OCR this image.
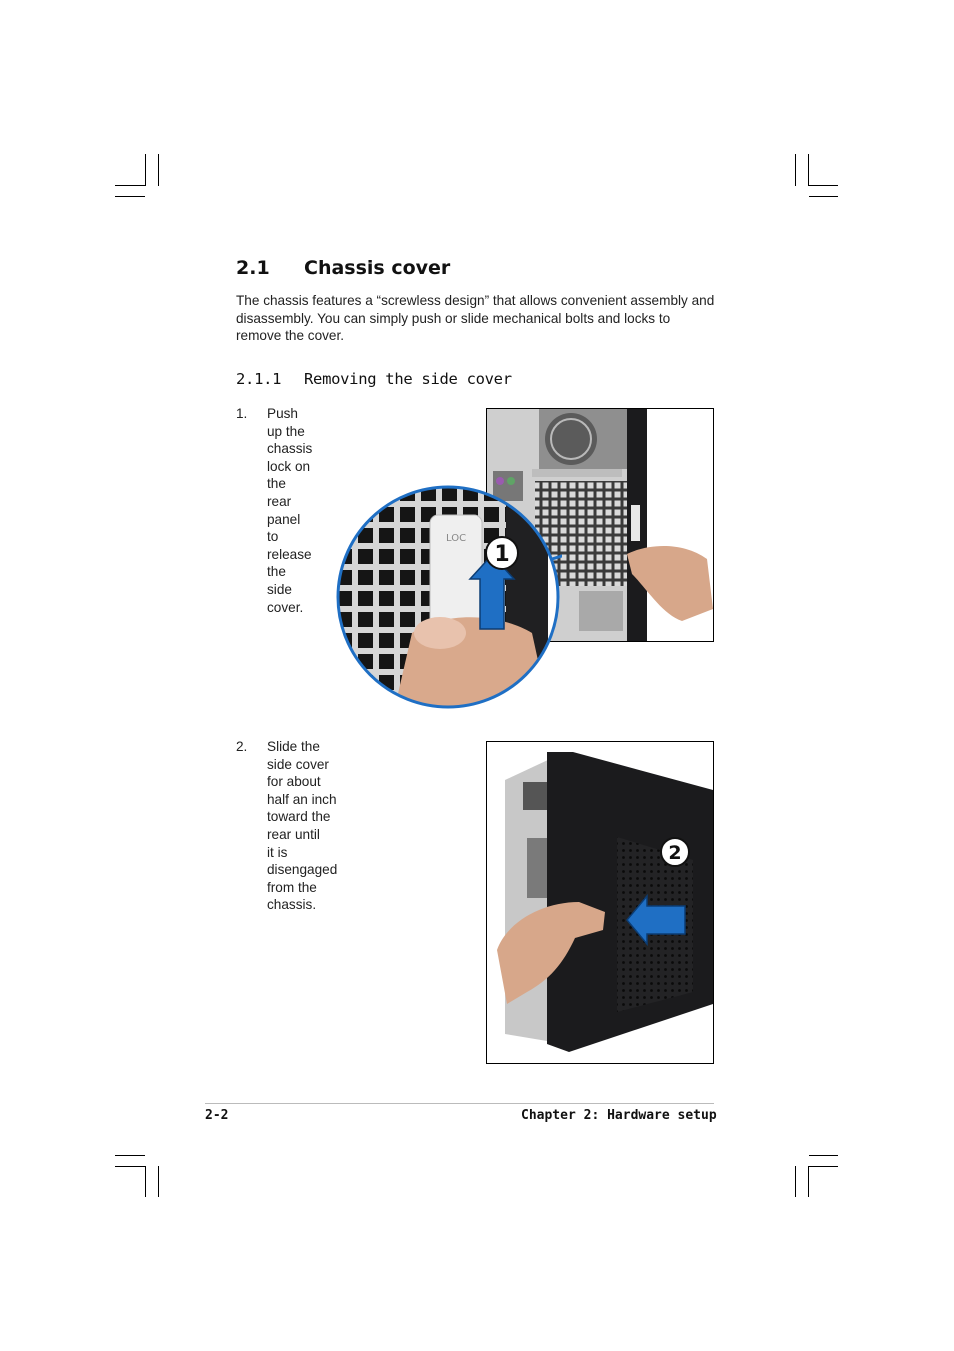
2.1 Chassis cover

The chassis features a “screwless design” that allows convenient assembly and disassembly. You can simply push or slide mechanical bolts and locks to remove the cover.

2.1.1 Removing the side cover
1. Push up the chassis lock on the
rear panel to release the side
cover.
LOC
1
2. Slide the side cover for about
half an inch toward the rear until
it is disengaged from the
chassis.
2
2-2	Chapter 2: Hardware setup
